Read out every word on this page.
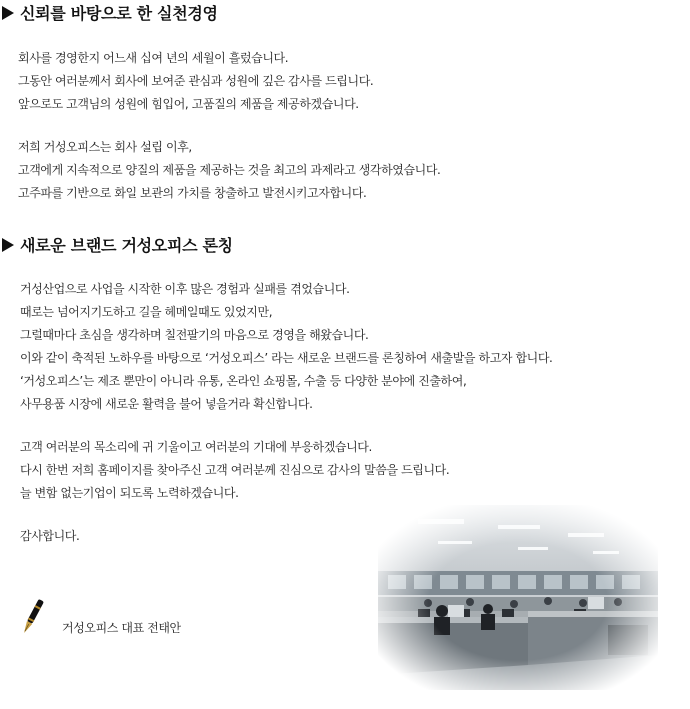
신뢰를 바탕으로 한 실천경영
회사를 경영한지 어느새 십여 년의 세월이 흘렀습니다.
그동안 여러분께서 회사에 보여준 관심과 성원에 깊은 감사를 드립니다.
앞으로도 고객님의 성원에 힘입어, 고품질의 제품을 제공하겠습니다.
저희 거성오피스는 회사 설립 이후,
고객에게 지속적으로 양질의 제품을 제공하는 것을 최고의 과제라고 생각하였습니다.
고주파를 기반으로 화일 보관의 가치를 창출하고 발전시키고자합니다.
새로운 브랜드 거성오피스 론칭
거성산업으로 사업을 시작한 이후 많은 경험과 실패를 겪었습니다.
때로는 넘어지기도하고 길을 헤메일때도 있었지만,
그럴때마다 초심을 생각하며 칠전팔기의 마음으로 경영을 해왔습니다.
이와 같이 축적된 노하우를 바탕으로 ‘거성오피스’ 라는 새로운 브랜드를 론칭하여 새출발을 하고자 합니다.
‘거성오피스’는 제조 뿐만이 아니라 유통, 온라인 쇼핑몰, 수출 등 다양한 분야에 진출하여,
사무용품 시장에 새로운 활력을 불어 넣을거라 확신합니다.
고객 여러분의 목소리에 귀 기울이고 여러분의 기대에 부응하겠습니다.
다시 한번 저희 홈페이지를 찾아주신 고객 여러분께 진심으로 감사의 말씀을 드립니다.
늘 변함 없는기업이 되도록 노력하겠습니다.
감사합니다.
거성오피스 대표 전태안
